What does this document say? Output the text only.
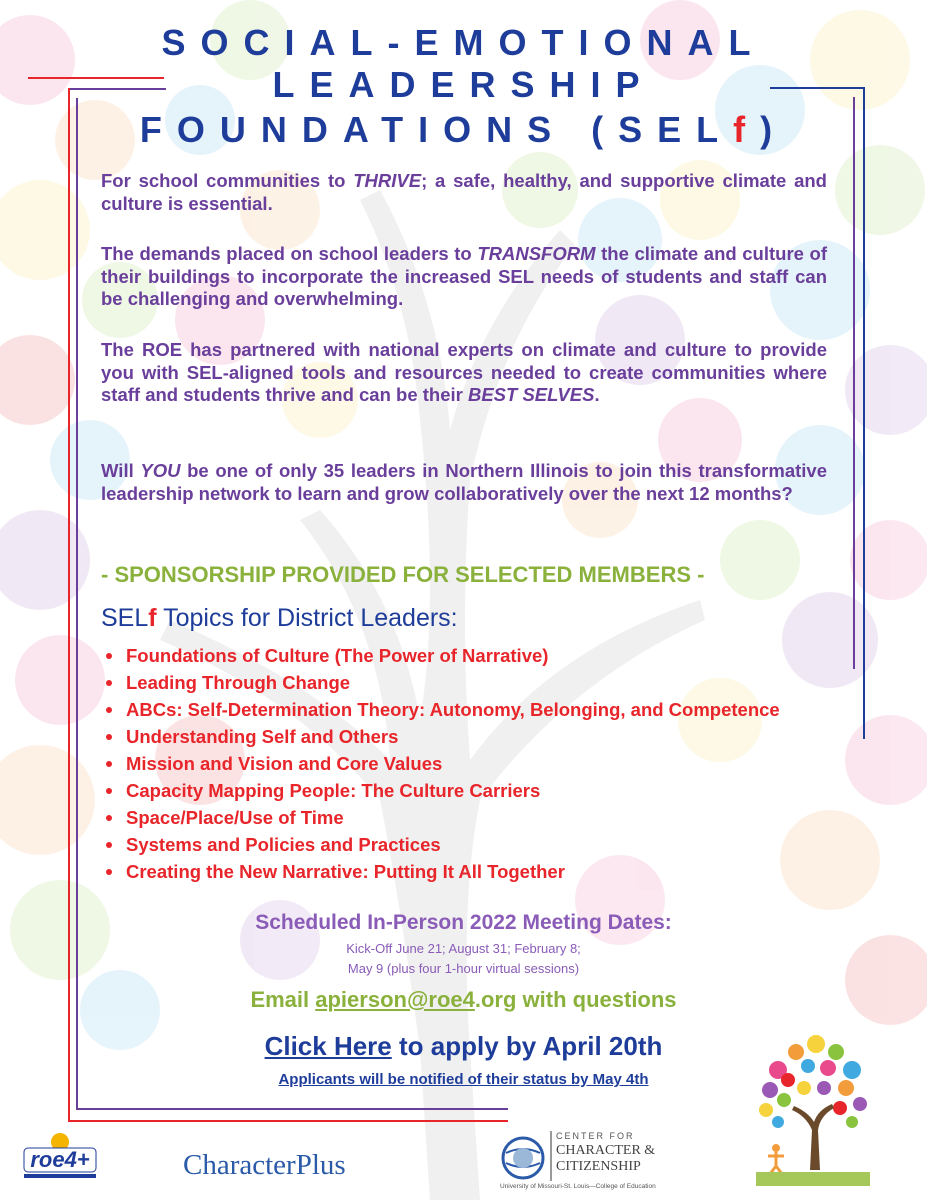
SOCIAL-EMOTIONAL
LEADERSHIP
FOUNDATIONS (SELf)
For school communities to THRIVE; a safe, healthy, and supportive climate and culture is essential.
The demands placed on school leaders to TRANSFORM the climate and culture of their buildings to incorporate the increased SEL needs of students and staff can be challenging and overwhelming.
The ROE has partnered with national experts on climate and culture to provide you with SEL-aligned tools and resources needed to create communities where staff and students thrive and can be their BEST SELVES.
Will YOU be one of only 35 leaders in Northern Illinois to join this transformative leadership network to learn and grow collaboratively over the next 12 months?
- SPONSORSHIP PROVIDED FOR SELECTED MEMBERS -
SELf Topics for District Leaders:
Foundations of Culture (The Power of Narrative)
Leading Through Change
ABCs: Self-Determination Theory: Autonomy, Belonging, and Competence
Understanding Self and Others
Mission and Vision and Core Values
Capacity Mapping People: The Culture Carriers
Space/Place/Use of Time
Systems and Policies and Practices
Creating the New Narrative: Putting It All Together
Scheduled In-Person 2022 Meeting Dates:
Kick-Off June 21; August 31; February 8;
May 9 (plus four 1-hour virtual sessions)
Email apierson@roe4.org with questions
Click Here to apply by April 20th
Applicants will be notified of their status by May 4th
roe4+	CharacterPlus
CENTER FOR
CHARACTER &
CITIZENSHIP
University of Missouri-St. Louis—College of Education
